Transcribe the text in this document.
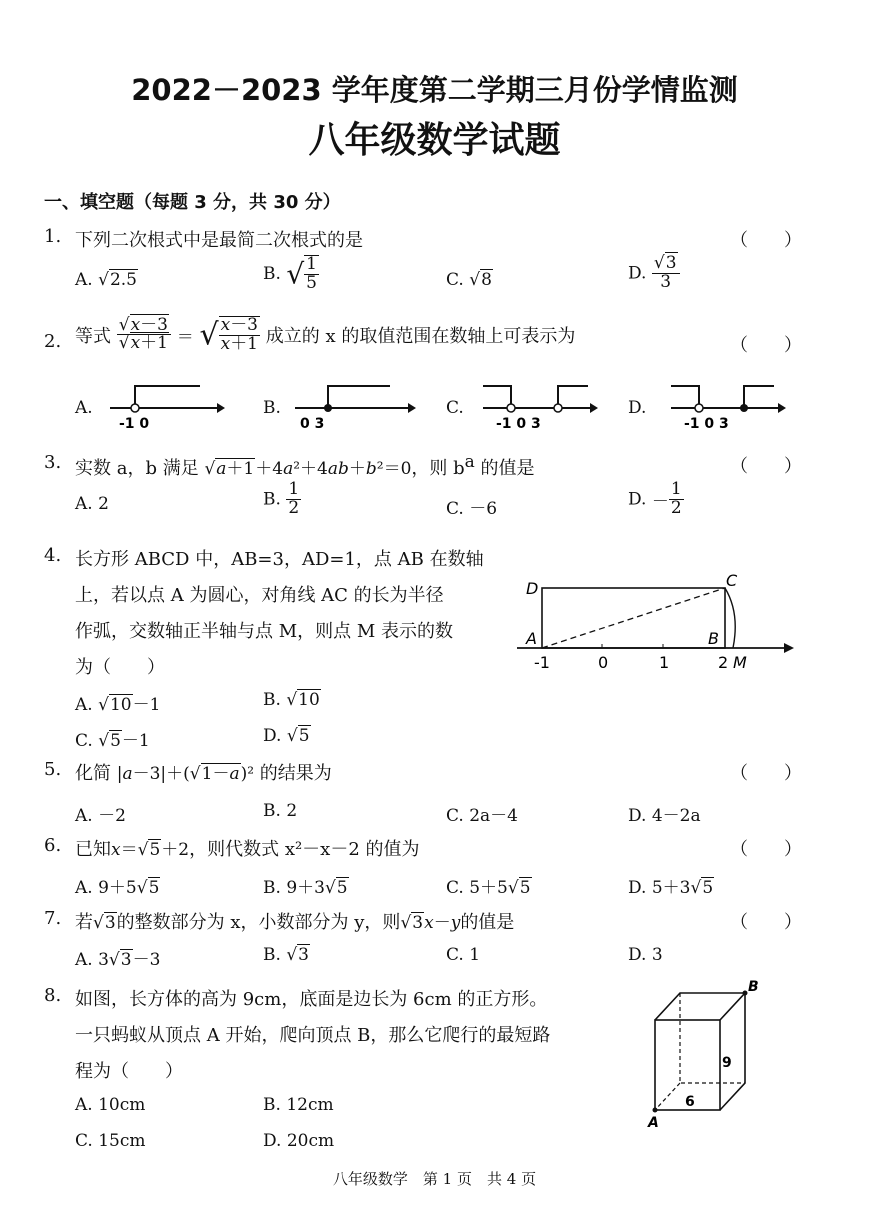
2022－2023 学年度第二学期三月份学情监测
八年级数学试题
一、填空题（每题 3 分，共 30 分）
1. 下列二次根式中是最简二次根式的是	（　　）
A. √2.5	B. √ $\frac{1}{5}$	C. √8	D. $\frac{√3}{3}$
2. 等式 $\frac{√x-3}{√x+1}$ ＝ √ $\frac{x-3}{x+1}$ 成立的 x 的取值范围在数轴上可表示为	（　　）
A.	B.	C.	D.
-1 0	0 3	-1 0 3	-1 0 3
3. 实数 a，b 满足 √a＋1＋4a²＋4ab＋b²＝0，则 $b^a$ 的值是	（　　）
A. 2	B. $\frac{1}{2}$	C. －6	D. － $\frac{1}{2}$
4. 长方形 ABCD 中，AB=3，AD=1，点 AB 在数轴
上，若以点 A 为圆心，对角线 AC 的长为半径
作弧，交数轴正半轴与点 M，则点 M 表示的数
为（　　）
A. √10－1	B. √10
C. √5－1	D. √5
D	C
A	B
M
-1	0	1	2
5. 化简 |a－3|＋(√1－a)² 的结果为	（　　）
A. －2	B. 2	C. 2a－4	D. 4－2a
6. 已知x＝√5＋2，则代数式 x²－x－2 的值为	（　　）
A. 9＋5√5	B. 9＋3√5	C. 5＋5√5	D. 5＋3√5
7. 若√3的整数部分为 x，小数部分为 y，则√3x－y的值是	（　　）
A. 3√3－3	B. √3	C. 1	D. 3
8. 如图，长方体的高为 9cm，底面是边长为 6cm 的正方形。
一只蚂蚁从顶点 A 开始，爬向顶点 B，那么它爬行的最短路
程为（　　）
A. 10cm	B. 12cm
C. 15cm	D. 20cm
B
A
9
6
八年级数学　第 1 页　共 4 页
